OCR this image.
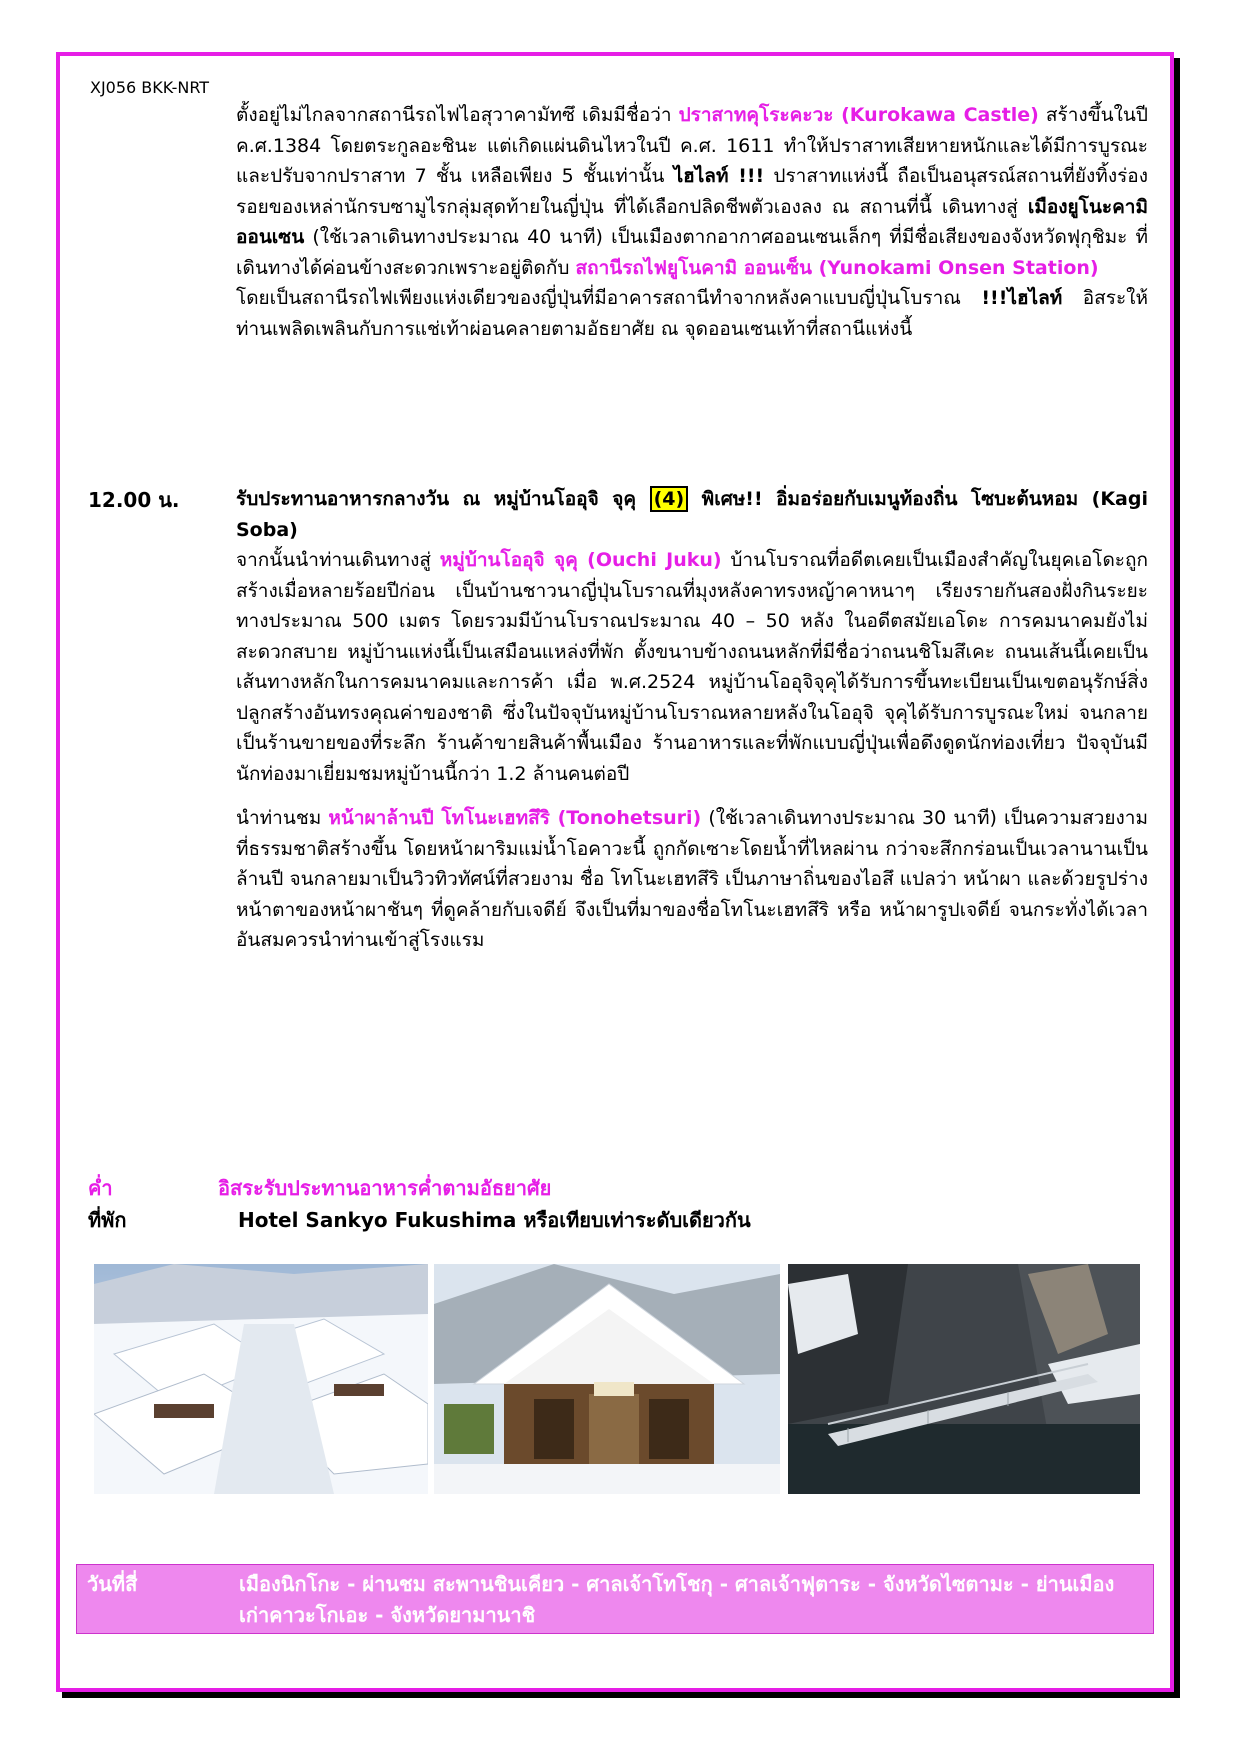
XJ056 BKK-NRT

ตั้งอยู่ไม่ไกลจากสถานีรถไฟไอสุวาคามัทซึ เดิมมีชื่อว่า ปราสาทคุโระคะวะ (Kurokawa Castle) สร้างขึ้นในปี ค.ศ.1384 โดยตระกูลอะชินะ แต่เกิดแผ่นดินไหวในปี ค.ศ. 1611 ทำให้ปราสาทเสียหายหนักและได้มีการบูรณะและปรับจากปราสาท 7 ชั้น เหลือเพียง 5 ชั้นเท่านั้น ไฮไลท์ !!! ปราสาทแห่งนี้ ถือเป็นอนุสรณ์สถานที่ยังทิ้งร่องรอยของเหล่านักรบซามูไรกลุ่มสุดท้ายในญี่ปุ่น ที่ได้เลือกปลิดชีพตัวเองลง ณ สถานที่นี้ เดินทางสู่ เมืองยูโนะคามิ ออนเซน (ใช้เวลาเดินทางประมาณ 40 นาที) เป็นเมืองตากอากาศออนเซนเล็กๆ ที่มีชื่อเสียงของจังหวัดฟุกุชิมะ ที่เดินทางได้ค่อนข้างสะดวกเพราะอยู่ติดกับ สถานีรถไฟยูโนคามิ ออนเซ็น (Yunokami Onsen Station)

โดยเป็นสถานีรถไฟเพียงแห่งเดียวของญี่ปุ่นที่มีอาคารสถานีทำจากหลังคาแบบญี่ปุ่นโบราณ !!!ไฮไลท์ อิสระให้ท่านเพลิดเพลินกับการแช่เท้าผ่อนคลายตามอัธยาศัย ณ จุดออนเซนเท้าที่สถานีแห่งนี้

12.00 น.	รับประทานอาหารกลางวัน ณ หมู่บ้านโออุจิ จุคุ (4) พิเศษ!! อิ่มอร่อยกับเมนูท้องถิ่น โซบะต้นหอม (Kagi Soba)

จากนั้นนำท่านเดินทางสู่ หมู่บ้านโออุจิ จุคุ (Ouchi Juku) บ้านโบราณที่อดีตเคยเป็นเมืองสำคัญในยุคเอโดะถูกสร้างเมื่อหลายร้อยปีก่อน เป็นบ้านชาวนาญี่ปุ่นโบราณที่มุงหลังคาทรงหญ้าคาหนาๆ เรียงรายกันสองฝั่งกินระยะทางประมาณ 500 เมตร โดยรวมมีบ้านโบราณประมาณ 40 – 50 หลัง ในอดีตสมัยเอโดะ การคมนาคมยังไม่สะดวกสบาย หมู่บ้านแห่งนี้เป็นเสมือนแหล่งที่พัก ตั้งขนาบข้างถนนหลักที่มีชื่อว่าถนนชิโมสึเคะ ถนนเส้นนี้เคยเป็นเส้นทางหลักในการคมนาคมและการค้า เมื่อ พ.ศ.2524 หมู่บ้านโออุจิจุคุได้รับการขึ้นทะเบียนเป็นเขตอนุรักษ์สิ่งปลูกสร้างอันทรงคุณค่าของชาติ ซึ่งในปัจจุบันหมู่บ้านโบราณหลายหลังในโออุจิ จุคุได้รับการบูรณะใหม่ จนกลายเป็นร้านขายของที่ระลึก ร้านค้าขายสินค้าพื้นเมือง ร้านอาหารและที่พักแบบญี่ปุ่นเพื่อดึงดูดนักท่องเที่ยว ปัจจุบันมีนักท่องมาเยี่ยมชมหมู่บ้านนี้กว่า 1.2 ล้านคนต่อปี

นำท่านชม หน้าผาล้านปี โทโนะเฮทสึริ (Tonohetsuri) (ใช้เวลาเดินทางประมาณ 30 นาที) เป็นความสวยงามที่ธรรมชาติสร้างขึ้น โดยหน้าผาริมแม่น้ำโอคาวะนี้ ถูกกัดเซาะโดยน้ำที่ไหลผ่าน กว่าจะสึกกร่อนเป็นเวลานานเป็นล้านปี จนกลายมาเป็นวิวทิวทัศน์ที่สวยงาม ชื่อ โทโนะเฮทสึริ เป็นภาษาถิ่นของไอสึ แปลว่า หน้าผา และด้วยรูปร่างหน้าตาของหน้าผาชันๆ ที่ดูคล้ายกับเจดีย์ จึงเป็นที่มาของชื่อโทโนะเฮทสึริ หรือ หน้าผารูปเจดีย์ จนกระทั่งได้เวลาอันสมควรนำท่านเข้าสู่โรงแรม

ค่ำ	อิสระรับประทานอาหารค่ำตามอัธยาศัย
ที่พัก	Hotel Sankyo Fukushima หรือเทียบเท่าระดับเดียวกัน
วันที่สี่	เมืองนิกโกะ - ผ่านชม สะพานชินเคียว - ศาลเจ้าโทโชกุ - ศาลเจ้าฟุตาระ - จังหวัดไซตามะ - ย่านเมืองเก่าคาวะโกเอะ - จังหวัดยามานาชิ
